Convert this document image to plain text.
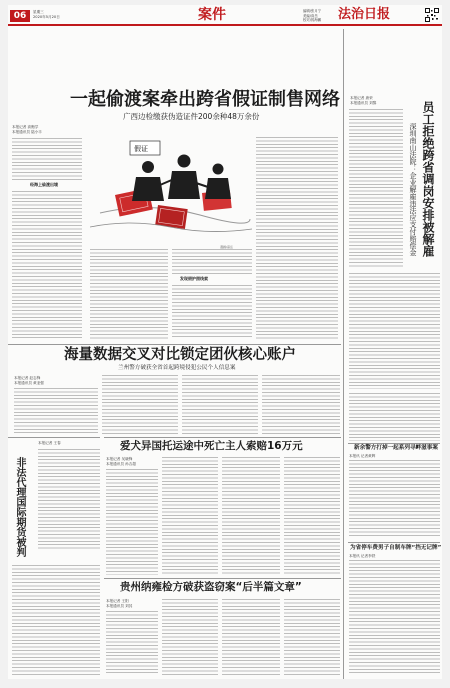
06	星期三
2020年5月20日	案件	编辑/张月宁
美编/高岳
校对/郭海鹏 法治日报
一起偷渡案牵出跨省假证制售网络
广西边检缴获伪造证件200余种48万余份
本报记者 高衡学
本报通讯员 陆小丰
经海上偷渡出境
假证
漫画/高岳
发现假护照线索
本报记者 唐荣
本报通讯员 刘黎	员工拒绝跨省调岗安排被解雇
深圳南山法院：企业解雇违法应支付赔偿金
新余警方打掉一起系列寻衅滋事案
本报讯 记者黄辉
为省停车费男子自制车牌“挡无记牌”
本报讯 记者李铁
海量数据交叉对比锁定团伙核心账户
兰州警方破获全省首起跨境侵犯公民个人信息案
本报记者 赵志锋
本报通讯员 黄亚强
非法代理国际期货被判
本报记者 王春	爱犬异国托运途中死亡主人索赔16万元
本报记者 吴晓锋
本报通讯员 孙吉超
贵州纳雍检方破获盗窃案“后半篇文章”
本报记者 王阳
本报通讯员 刘其
